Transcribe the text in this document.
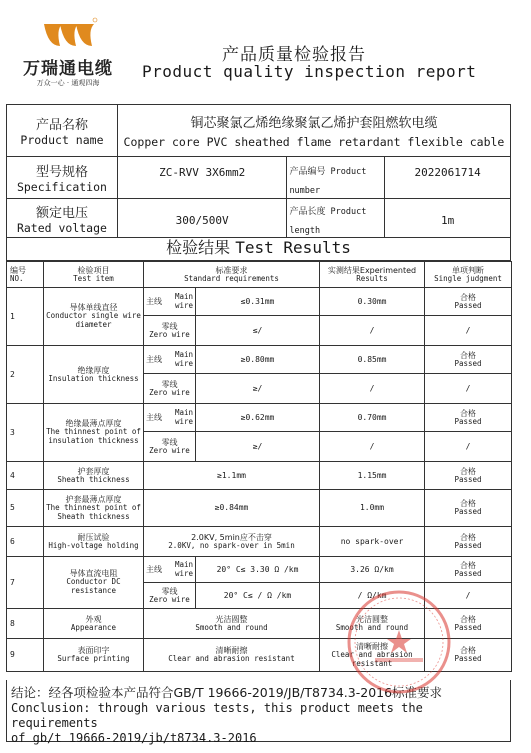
万瑞通电缆
万众一心 · 通观四海
产品质量检验报告
Product quality inspection report
产品名称
Product name	铜芯聚氯乙烯绝缘聚氯乙烯护套阻燃软电缆
Copper core PVC sheathed flame retardant flexible cable		

型号规格
Specification	ZC-RVV 3X6mm2	产品编号 Product number	2022061714

额定电压
Rated voltage	300/500V	产品长度 Product length	1m
检验结果 Test Results
编号
NO.	检验项目
Test item	标准要求
Standard requirements		实测结果Experimented
Results	单项判断
Single judgment

1	导体单线直径
Conductor single wire diameter	主线
Main
wire	≤0.31mm	0.30mm	合格
Passed

		零线
Zero wire	≤/	/	/
2	绝缘厚度
Insulation thickness	主线
Main
wire	≥0.80mm	0.85mm	合格
Passed

		零线
Zero wire	≥/	/	/
3	绝缘最薄点厚度
The thinnest point of insulation thickness	主线
Main
wire	≥0.62mm	0.70mm	合格
Passed

		零线
Zero wire	≥/	/	/
4	护套厚度
Sheath thickness	≥1.1mm		1.15mm	合格
Passed

5	护套最薄点厚度
The thinnest point of Sheath thickness	≥0.84mm		1.0mm	合格
Passed

6	耐压试验
High-voltage holding	2.0KV, 5min应不击穿
2.0KV, no spark-over in 5min		no spark-over	合格
Passed

7	导体直流电阻
Conductor DC resistance	主线
Main
wire	20° C≤ 3.30 Ω /km	3.26 Ω/km	合格
Passed

		零线
Zero wire	20° C≤ / Ω /km	/ Ω/km	/
8	外观
Appearance	光洁圆整
Smooth and round		光洁圆整
Smooth and round	合格
Passed

9	表面印字
Surface printing	清晰耐擦
Clear and abrasion resistant		清晰耐擦
Clear and abrasion resistant	合格
Passed
结论：经各项检验本产品符合GB/T 19666-2019/JB/T8734.3-2016标准要求
Conclusion: through various tests, this product meets the requirements
of gb/t 19666-2019/jb/t8734.3-2016
